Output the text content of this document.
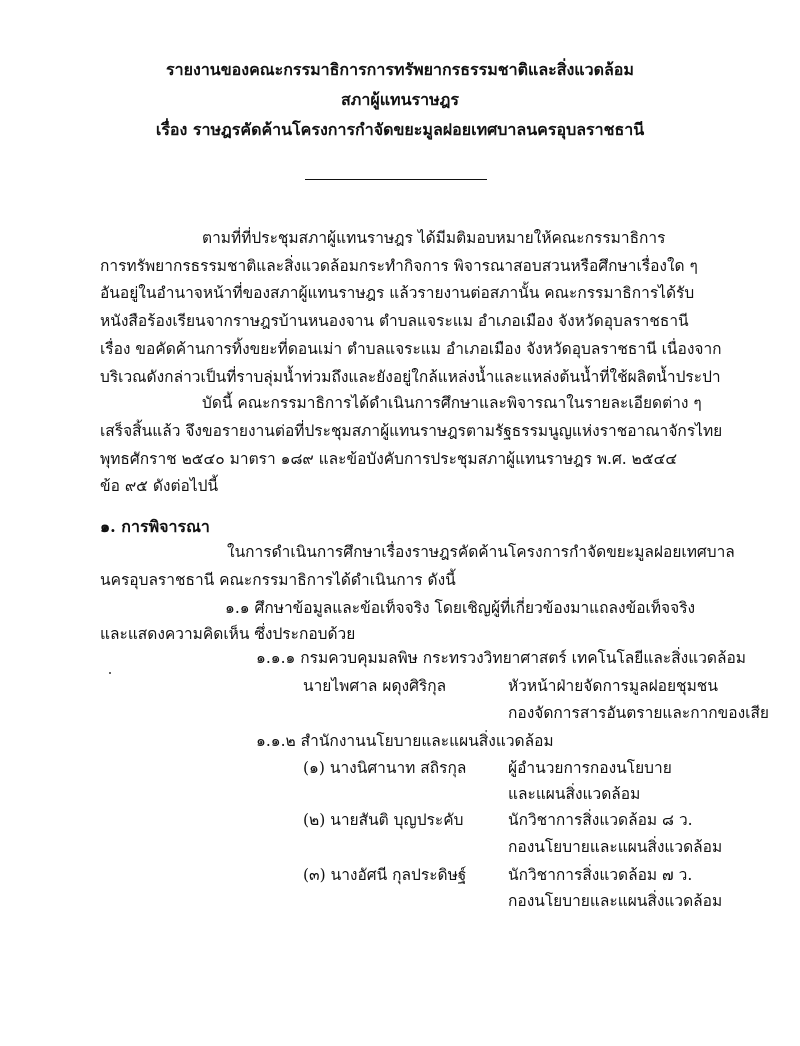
รายงานของคณะกรรมาธิการการทรัพยากรธรรมชาติและสิ่งแวดล้อม
สภาผู้แทนราษฎร
เรื่อง ราษฎรคัดค้านโครงการกำจัดขยะมูลฝอยเทศบาลนครอุบลราชธานี
ตามที่ที่ประชุมสภาผู้แทนราษฎร ได้มีมติมอบหมายให้คณะกรรมาธิการ
การทรัพยากรธรรมชาติและสิ่งแวดล้อมกระทำกิจการ พิจารณาสอบสวนหรือศึกษาเรื่องใด ๆ
อันอยู่ในอำนาจหน้าที่ของสภาผู้แทนราษฎร แล้วรายงานต่อสภานั้น คณะกรรมาธิการได้รับ
หนังสือร้องเรียนจากราษฎรบ้านหนองจาน ตำบลแจระแม อำเภอเมือง จังหวัดอุบลราชธานี
เรื่อง ขอคัดค้านการทิ้งขยะที่ดอนเม่า ตำบลแจระแม อำเภอเมือง จังหวัดอุบลราชธานี เนื่องจาก
บริเวณดังกล่าวเป็นที่ราบลุ่มน้ำท่วมถึงและยังอยู่ใกล้แหล่งน้ำและแหล่งต้นน้ำที่ใช้ผลิตน้ำประปา
บัดนี้ คณะกรรมาธิการได้ดำเนินการศึกษาและพิจารณาในรายละเอียดต่าง ๆ
เสร็จสิ้นแล้ว จึงขอรายงานต่อที่ประชุมสภาผู้แทนราษฎรตามรัฐธรรมนูญแห่งราชอาณาจักรไทย
พุทธศักราช ๒๕๔๐ มาตรา ๑๘๙ และข้อบังคับการประชุมสภาผู้แทนราษฎร พ.ศ. ๒๕๔๔
ข้อ ๙๕ ดังต่อไปนี้
๑. การพิจารณา
ในการดำเนินการศึกษาเรื่องราษฎรคัดค้านโครงการกำจัดขยะมูลฝอยเทศบาล
นครอุบลราชธานี คณะกรรมาธิการได้ดำเนินการ ดังนี้
๑.๑ ศึกษาข้อมูลและข้อเท็จจริง โดยเชิญผู้ที่เกี่ยวข้องมาแถลงข้อเท็จจริง
และแสดงความคิดเห็น ซึ่งประกอบด้วย
๑.๑.๑ กรมควบคุมมลพิษ กระทรวงวิทยาศาสตร์ เทคโนโลยีและสิ่งแวดล้อม
นายไพศาล ผดุงศิริกุล	หัวหน้าฝ่ายจัดการมูลฝอยชุมชน
กองจัดการสารอันตรายและกากของเสีย
๑.๑.๒ สำนักงานนโยบายและแผนสิ่งแวดล้อม
(๑) นางนิศานาท สถิรกุล	ผู้อำนวยการกองนโยบาย
และแผนสิ่งแวดล้อม
(๒) นายสันติ บุญประคับ	นักวิชาการสิ่งแวดล้อม ๘ ว.
กองนโยบายและแผนสิ่งแวดล้อม
(๓) นางอัศนี กุลประดิษฐ์	นักวิชาการสิ่งแวดล้อม ๗ ว.
กองนโยบายและแผนสิ่งแวดล้อม
